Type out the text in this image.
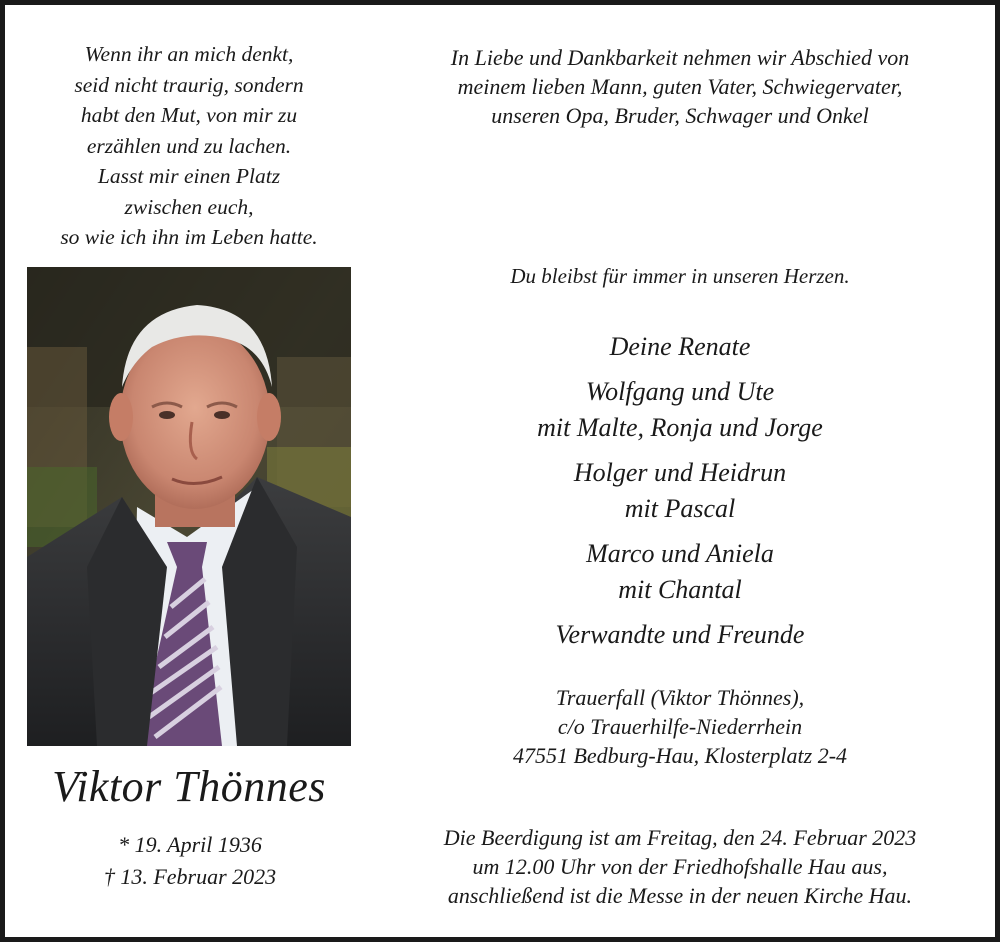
Wenn ihr an mich denkt,
seid nicht traurig, sondern
habt den Mut, von mir zu
erzählen und zu lachen.
Lasst mir einen Platz
zwischen euch,
so wie ich ihn im Leben hatte.
Viktor Thönnes
* 19. April 1936
† 13. Februar 2023
In Liebe und Dankbarkeit nehmen wir Abschied von
meinem lieben Mann, guten Vater, Schwiegervater,
unseren Opa, Bruder, Schwager und Onkel
Du bleibst für immer in unseren Herzen.
Deine Renate
Wolfgang und Ute
mit Malte, Ronja und Jorge
Holger und Heidrun
mit Pascal
Marco und Aniela
mit Chantal
Verwandte und Freunde
Trauerfall (Viktor Thönnes),
c/o Trauerhilfe-Niederrhein
47551 Bedburg-Hau, Klosterplatz 2-4
Die Beerdigung ist am Freitag, den 24. Februar 2023
um 12.00 Uhr von der Friedhofshalle Hau aus,
anschließend ist die Messe in der neuen Kirche Hau.
